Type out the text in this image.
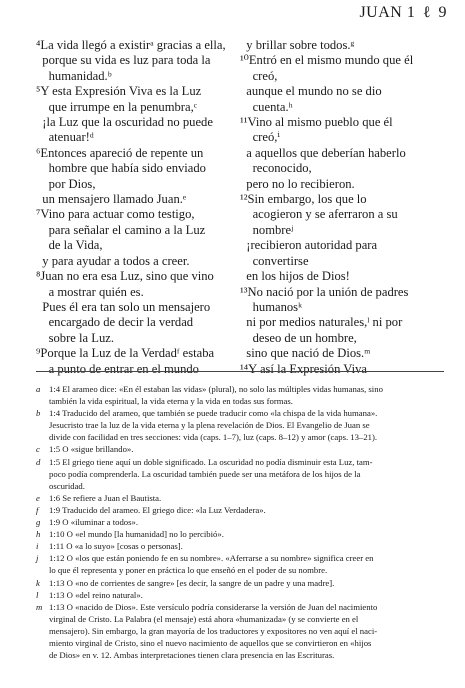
JUAN 1 ℓ 9
⁴La vida llegó a existirᵃ gracias a ella,
porque su vida es luz para toda la
humanidad.ᵇ
⁵Y esta Expresión Viva es la Luz
que irrumpe en la penumbra,ᶜ
¡la Luz que la oscuridad no puede
atenuar!ᵈ
⁶Entonces apareció de repente un
hombre que había sido enviado
por Dios,
un mensajero llamado Juan.ᵉ
⁷Vino para actuar como testigo,
para señalar el camino a la Luz
de la Vida,
y para ayudar a todos a creer.
⁸Juan no era esa Luz, sino que vino
a mostrar quién es.
Pues él era tan solo un mensajero
encargado de decir la verdad
sobre la Luz.
⁹Porque la Luz de la Verdadᶠ estaba
a punto de entrar en el mundo
y brillar sobre todos.ᵍ
¹⁰Entró en el mismo mundo que él
creó,
aunque el mundo no se dio
cuenta.ʰ
¹¹Vino al mismo pueblo que él
creó,ⁱ
a aquellos que deberían haberlo
reconocido,
pero no lo recibieron.
¹²Sin embargo, los que lo
acogieron y se aferraron a su
nombreʲ
¡recibieron autoridad para
convertirse
en los hijos de Dios!
¹³No nació por la unión de padres
humanosᵏ
ni por medios naturales,ˡ ni por
deseo de un hombre,
sino que nació de Dios.ᵐ
¹⁴Y así la Expresión Viva
a 1:4 El arameo dice: «En él estaban las vidas» (plural), no solo las múltiples vidas humanas, sino
también la vida espiritual, la vida eterna y la vida en todas sus formas.
b 1:4 Traducido del arameo, que también se puede traducir como «la chispa de la vida humana».
Jesucristo trae la luz de la vida eterna y la plena revelación de Dios. El Evangelio de Juan se
divide con facilidad en tres secciones: vida (caps. 1–7), luz (caps. 8–12) y amor (caps. 13–21).
c 1:5 O «sigue brillando».
d 1:5 El griego tiene aquí un doble significado. La oscuridad no podía disminuir esta Luz, tam-
poco podía comprenderla. La oscuridad también puede ser una metáfora de los hijos de la
oscuridad.
e 1:6 Se refiere a Juan el Bautista.
f 1:9 Traducido del arameo. El griego dice: «la Luz Verdadera».
g 1:9 O «iluminar a todos».
h 1:10 O «el mundo [la humanidad] no lo percibió».
i 1:11 O «a lo suyo» [cosas o personas].
j 1:12 O «los que están poniendo fe en su nombre». «Aferrarse a su nombre» significa creer en
lo que él representa y poner en práctica lo que enseñó en el poder de su nombre.
k 1:13 O «no de corrientes de sangre» [es decir, la sangre de un padre y una madre].
l 1:13 O «del reino natural».
m 1:13 O «nacido de Dios». Este versículo podría considerarse la versión de Juan del nacimiento
virginal de Cristo. La Palabra (el mensaje) está ahora «humanizada» (y se convierte en el
mensajero). Sin embargo, la gran mayoría de los traductores y expositores no ven aquí el naci-
miento virginal de Cristo, sino el nuevo nacimiento de aquellos que se convirtieron en «hijos
de Dios» en v. 12. Ambas interpretaciones tienen clara presencia en las Escrituras.
